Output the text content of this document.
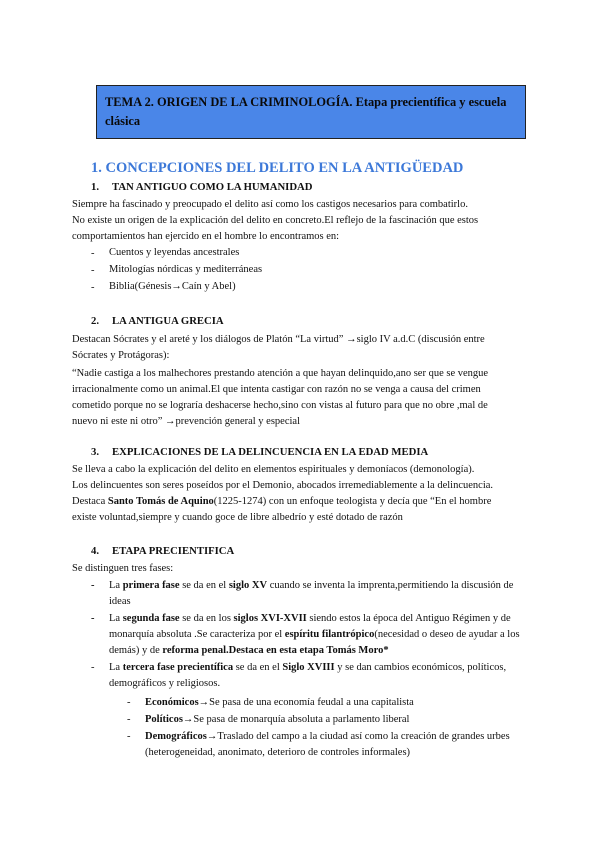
TEMA 2. ORIGEN DE LA CRIMINOLOGÍA. Etapa precientífica y escuela clásica

1. CONCEPCIONES DEL DELITO EN LA ANTIGÜEDAD
1. TAN ANTIGUO COMO LA HUMANIDAD
Siempre ha fascinado y preocupado el delito así como los castigos necesarios para combatirlo.
No existe un origen de la explicación del delito en concreto.El reflejo de la fascinación que estos
comportamientos han ejercido en el hombre lo encontramos en:
- Cuentos y leyendas ancestrales
- Mitologías nórdicas y mediterráneas
- Biblia(Génesis→Caín y Abel)
2. LA ANTIGUA GRECIA
Destacan Sócrates y el areté y los diálogos de Platón “La virtud” →siglo IV a.d.C (discusión entre
Sócrates y Protágoras):
“Nadie castiga a los malhechores prestando atención a que hayan delinquido,ano ser que se vengue
irracionalmente como un animal.El que intenta castigar con razón no se venga a causa del crimen
cometido porque no se lograría deshacerse hecho,sino con vistas al futuro para que no obre ,mal de
nuevo ni este ni otro” →prevención general y especial
3. EXPLICACIONES DE LA DELINCUENCIA EN LA EDAD MEDIA
Se lleva a cabo la explicación del delito en elementos espirituales y demoníacos (demonología).
Los delincuentes son seres poseídos por el Demonio, abocados irremediablemente a la delincuencia.
Destaca Santo Tomás de Aquino(1225-1274) con un enfoque teologista y decía que “En el hombre
existe voluntad,siempre y cuando goce de libre albedrío y esté dotado de razón
4. ETAPA PRECIENTIFICA
Se distinguen tres fases:
- La primera fase se da en el siglo XV cuando se inventa la imprenta,permitiendo la discusión de
ideas
- La segunda fase se da en los siglos XVI-XVII siendo estos la época del Antiguo Régimen y de
monarquía absoluta .Se caracteriza por el espíritu filantrópico(necesidad o deseo de ayudar a los
demás) y de reforma penal.Destaca en esta etapa Tomás Moro*
- La tercera fase precientífica se da en el Siglo XVIII y se dan cambios económicos, políticos,
demográficos y religiosos.
- Económicos→Se pasa de una economía feudal a una capitalista
- Políticos→Se pasa de monarquía absoluta a parlamento liberal
- Demográficos→Traslado del campo a la ciudad así como la creación de grandes urbes
(heterogeneidad, anonimato, deterioro de controles informales)
